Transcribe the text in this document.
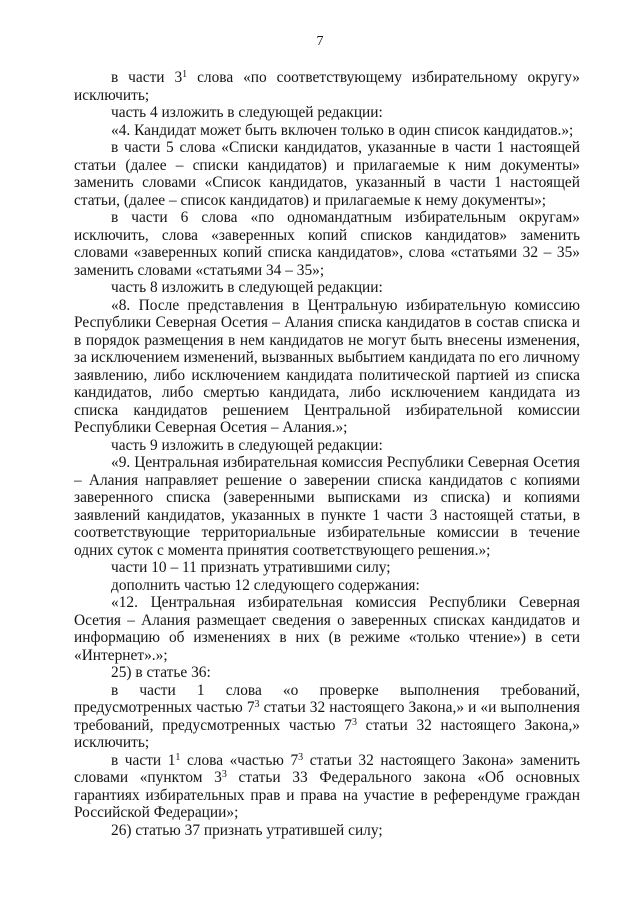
7

в части $3^1$ слова «по соответствующему избирательному округу» исключить;

часть 4 изложить в следующей редакции:

«4. Кандидат может быть включен только в один список кандидатов.»;

в части 5 слова «Списки кандидатов, указанные в части 1 настоящей статьи (далее – списки кандидатов) и прилагаемые к ним документы» заменить словами «Список кандидатов, указанный в части 1 настоящей статьи, (далее – список кандидатов) и прилагаемые к нему документы»;

в части 6 слова «по одномандатным избирательным округам» исключить, слова «заверенных копий списков кандидатов» заменить словами «заверенных копий списка кандидатов», слова «статьями 32 – 35» заменить словами «статьями 34 – 35»;

часть 8 изложить в следующей редакции:

«8. После представления в Центральную избирательную комиссию Республики Северная Осетия – Алания списка кандидатов в состав списка и в порядок размещения в нем кандидатов не могут быть внесены изменения, за исключением изменений, вызванных выбытием кандидата по его личному заявлению, либо исключением кандидата политической партией из списка кандидатов, либо смертью кандидата, либо исключением кандидата из списка кандидатов решением Центральной избирательной комиссии Республики Северная Осетия – Алания.»;

часть 9 изложить в следующей редакции:

«9. Центральная избирательная комиссия Республики Северная Осетия – Алания направляет решение о заверении списка кандидатов с копиями заверенного списка (заверенными выписками из списка) и копиями заявлений кандидатов, указанных в пункте 1 части 3 настоящей статьи, в соответствующие территориальные избирательные комиссии в течение одних суток с момента принятия соответствующего решения.»;

части 10 – 11 признать утратившими силу;

дополнить частью 12 следующего содержания:

«12. Центральная избирательная комиссия Республики Северная Осетия – Алания размещает сведения о заверенных списках кандидатов и информацию об изменениях в них (в режиме «только чтение») в сети «Интернет».»;

25) в статье 36:

в части 1 слова «о проверке выполнения требований, предусмотренных частью $7^3$ статьи 32 настоящего Закона,» и «и выполнения требований, предусмотренных частью $7^3$ статьи 32 настоящего Закона,» исключить;

в части $1^1$ слова «частью $7^3$ статьи 32 настоящего Закона» заменить словами «пунктом $3^3$ статьи 33 Федерального закона «Об основных гарантиях избирательных прав и права на участие в референдуме граждан Российской Федерации»;

26) статью 37 признать утратившей силу;
